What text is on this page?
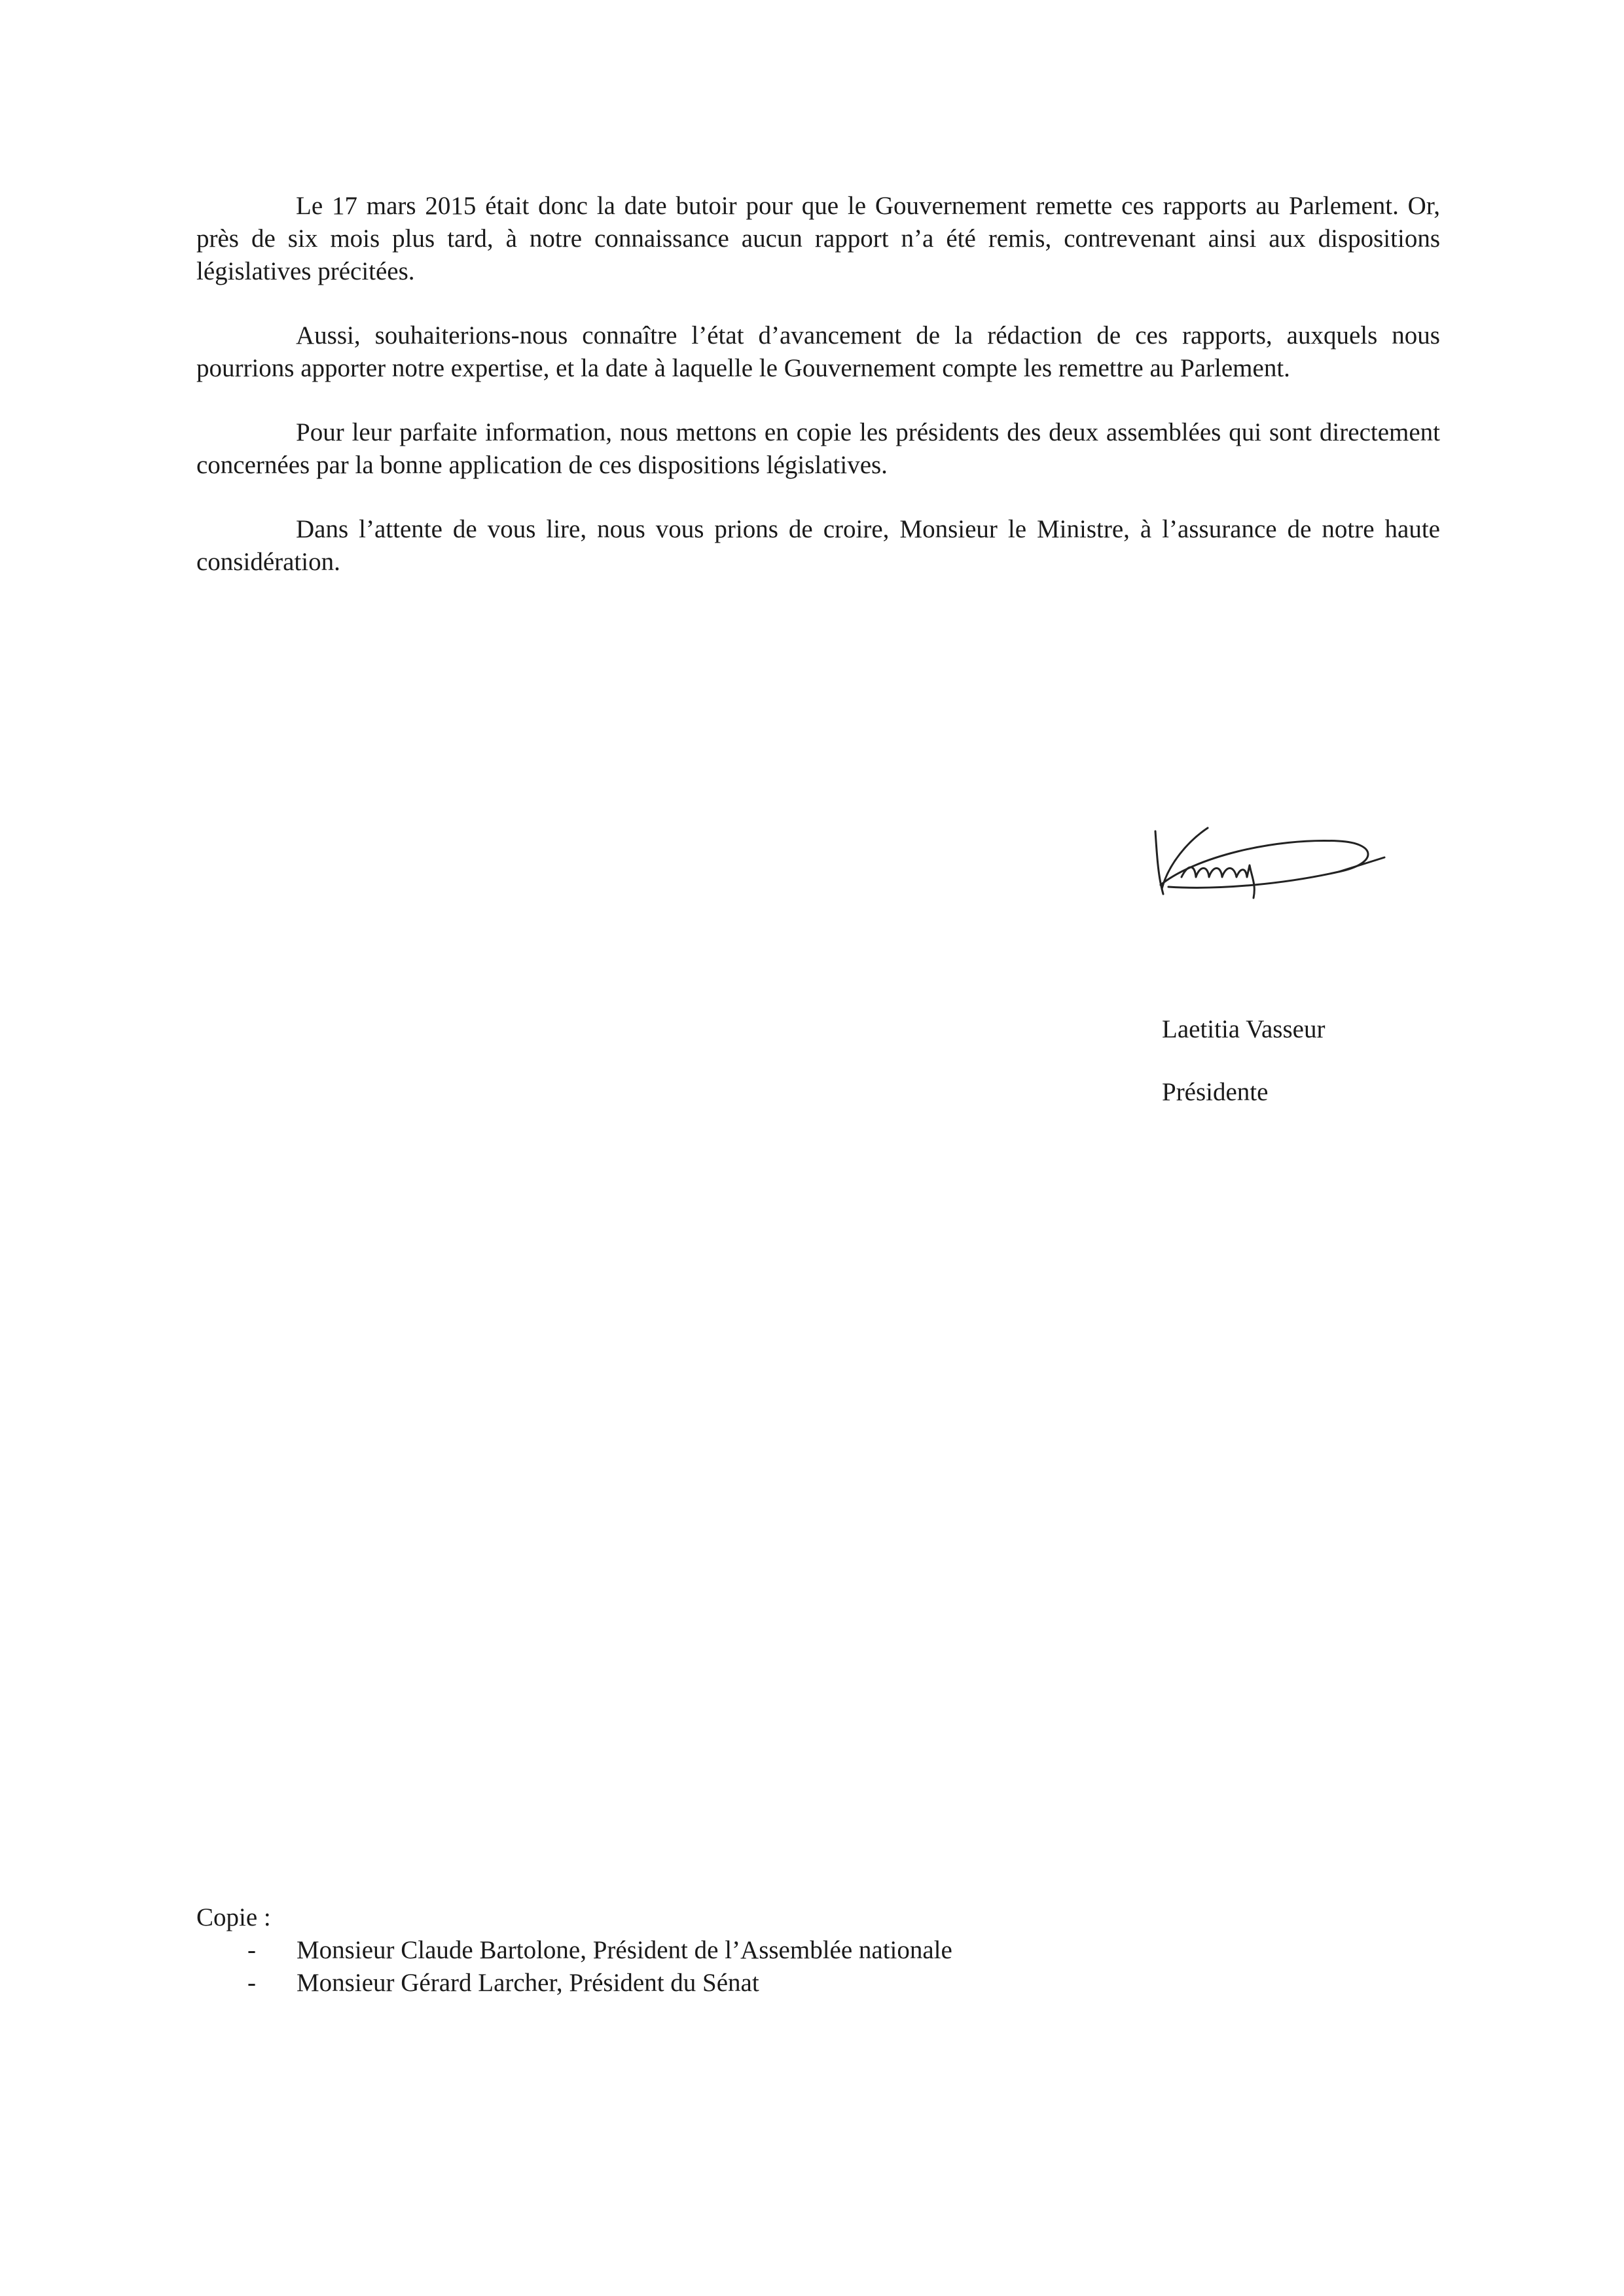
Le 17 mars 2015 était donc la date butoir pour que le Gouvernement remette ces rapports au Parlement. Or, près de six mois plus tard, à notre connaissance aucun rapport n’a été remis, contrevenant ainsi aux dispositions législatives précitées.

Aussi, souhaiterions-nous connaître l’état d’avancement de la rédaction de ces rapports, auxquels nous pourrions apporter notre expertise, et la date à laquelle le Gouvernement compte les remettre au Parlement.

Pour leur parfaite information, nous mettons en copie les présidents des deux assemblées qui sont directement concernées par la bonne application de ces dispositions législatives.

Dans l’attente de vous lire, nous vous prions de croire, Monsieur le Ministre, à l’assurance de notre haute considération.

Laetitia Vasseur
Présidente
Copie :
-	Monsieur Claude Bartolone, Président de l’Assemblée nationale
-	Monsieur Gérard Larcher, Président du Sénat
